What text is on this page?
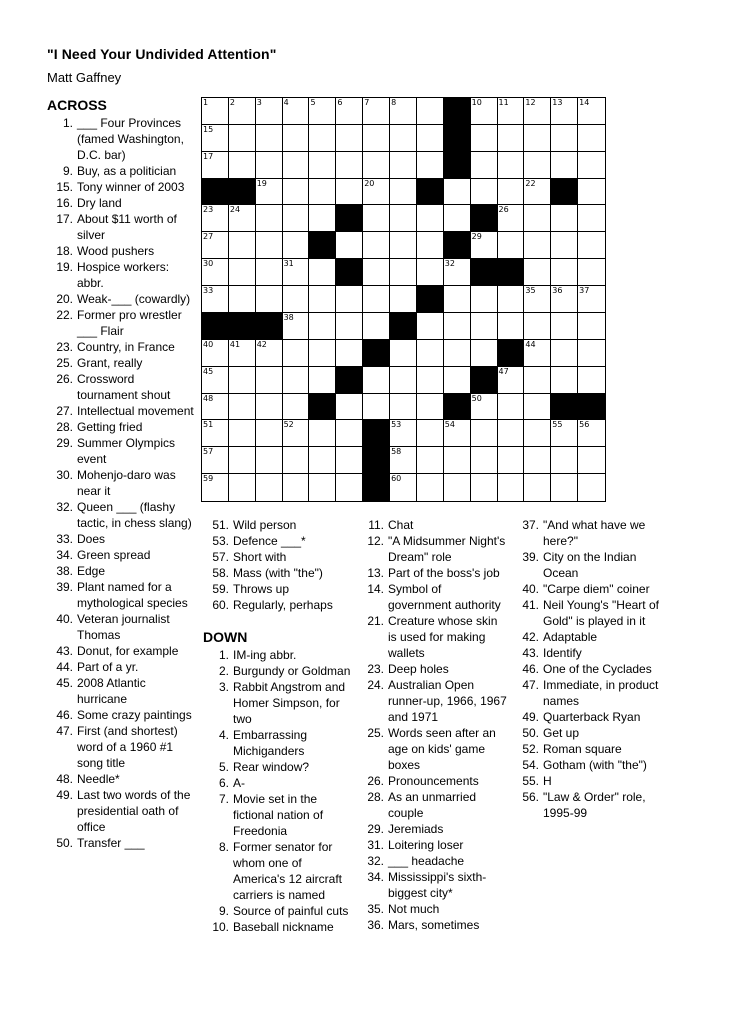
"I Need Your Undivided Attention"
Matt Gaffney
1	2	3	4	5	6	7	8	9	10 11 12 13 14
15	16
17	18
19	20	21	22
23 24	25	26
27	28	29
30	31	32
33	34	35 36 37
38	39
40 41 42	43	44
45	46	47
48	49	50
51	52	53	54	55 56
57	58
59	60
ACROSS
1. ___ Four Provinces (famed Washington, D.C. bar)
9. Buy, as a politician
15. Tony winner of 2003
16. Dry land
17. About $11 worth of silver
18. Wood pushers
19. Hospice workers: abbr.
20. Weak-___ (cowardly)
22. Former pro wrestler ___ Flair
23. Country, in France
25. Grant, really
26. Crossword tournament shout
27. Intellectual movement
28. Getting fried
29. Summer Olympics event
30. Mohenjo-daro was near it
32. Queen ___ (flashy tactic, in chess slang)
33. Does
34. Green spread
38. Edge
39. Plant named for a mythological species
40. Veteran journalist Thomas
43. Donut, for example
44. Part of a yr.
45. 2008 Atlantic hurricane
46. Some crazy paintings
47. First (and shortest) word of a 1960 #1 song title
48. Needle*
49. Last two words of the presidential oath of office
50. Transfer ___
51. Wild person
53. Defence ___*
57. Short with
58. Mass (with "the")
59. Throws up
60. Regularly, perhaps
DOWN
1. IM-ing abbr.
2. Burgundy or Goldman
3. Rabbit Angstrom and Homer Simpson, for two
4. Embarrassing Michiganders
5. Rear window?
6. A-
7. Movie set in the fictional nation of Freedonia
8. Former senator for whom one of America's 12 aircraft carriers is named
9. Source of painful cuts
10. Baseball nickname
11. Chat
12. "A Midsummer Night's Dream" role
13. Part of the boss's job
14. Symbol of government authority
21. Creature whose skin is used for making wallets
23. Deep holes
24. Australian Open runner-up, 1966, 1967 and 1971
25. Words seen after an age on kids' game boxes
26. Pronouncements
28. As an unmarried couple
29. Jeremiads
31. Loitering loser
32. ___ headache
34. Mississippi's sixth-biggest city*
35. Not much
36. Mars, sometimes
37. "And what have we here?"
39. City on the Indian Ocean
40. "Carpe diem" coiner
41. Neil Young's "Heart of Gold" is played in it
42. Adaptable
43. Identify
46. One of the Cyclades
47. Immediate, in product names
49. Quarterback Ryan
50. Get up
52. Roman square
54. Gotham (with "the")
55. H
56. "Law & Order" role, 1995-99
